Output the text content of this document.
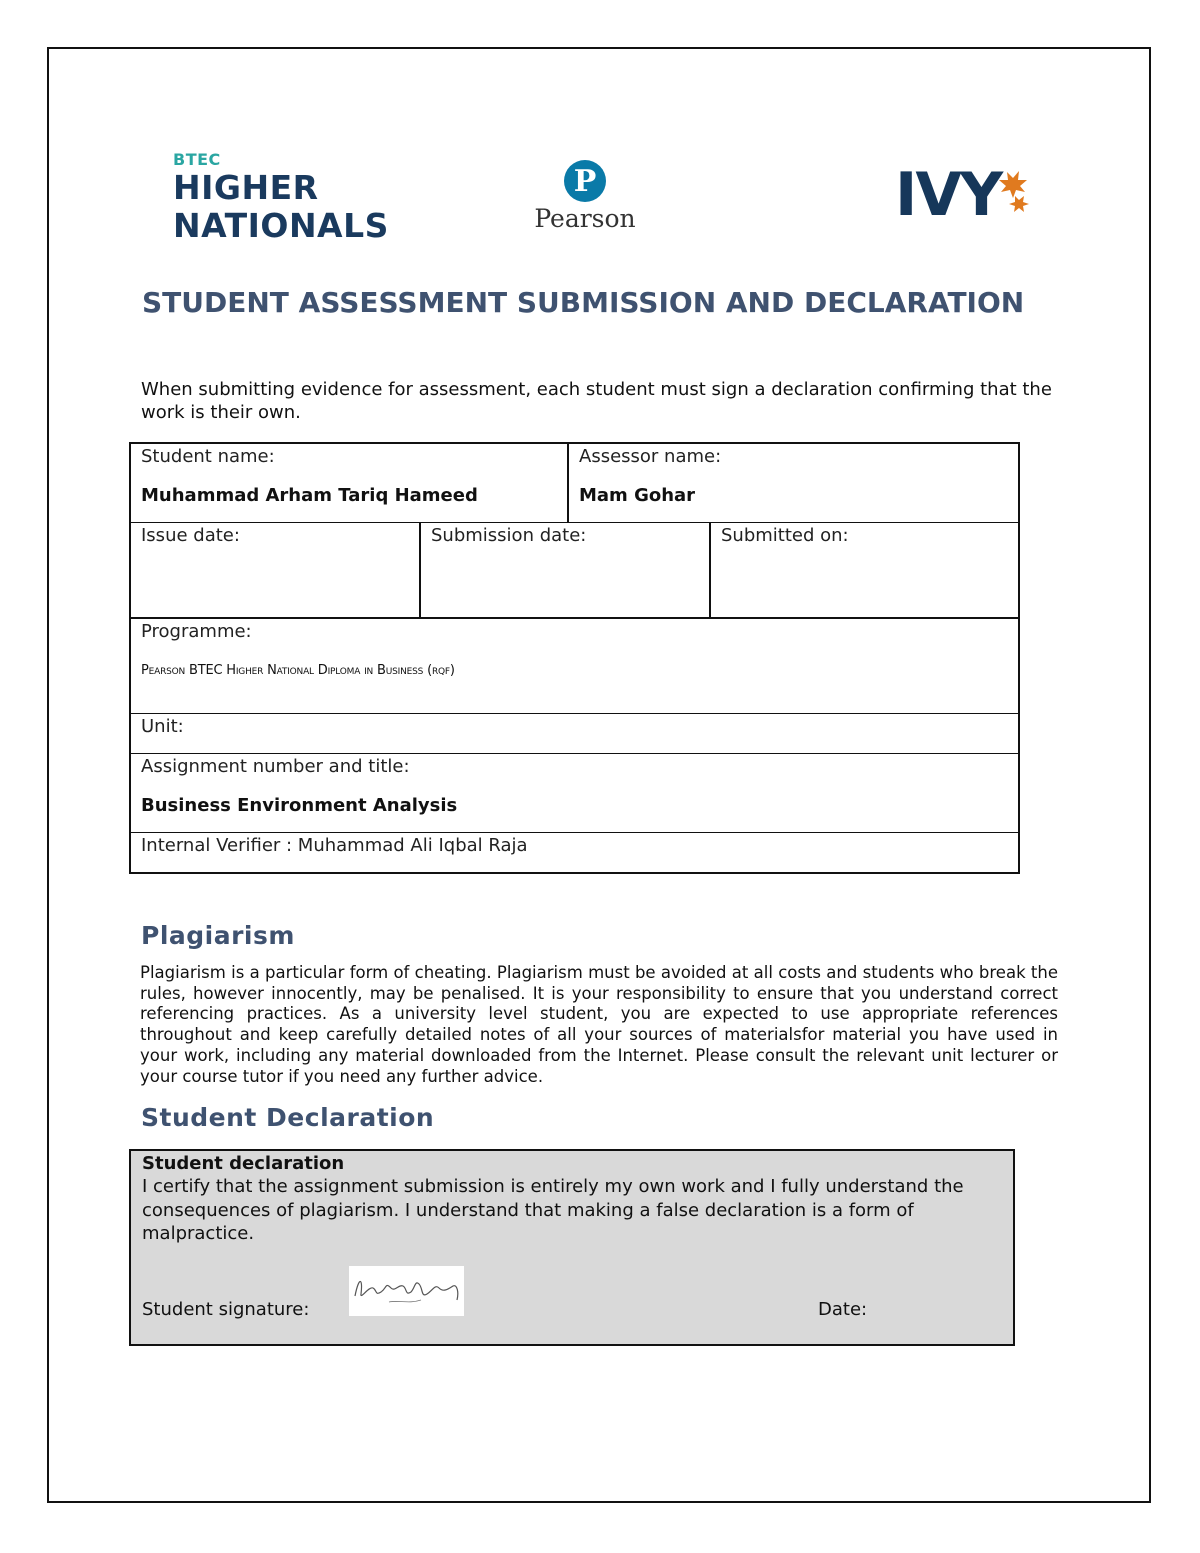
BTEC
HIGHER
NATIONALS
P
Pearson	IVY
STUDENT ASSESSMENT SUBMISSION AND DECLARATION
When submitting evidence for assessment, each student must sign a declaration confirming that the work is their own.
Student name:
Muhammad Arham Tariq Hameed
Assessor name:
Mam Gohar
Issue date:	Submission date:	Submitted on:
Programme:
Pearson BTEC Higher National Diploma in Business (rqf)
Unit:
Assignment number and title:
Business Environment Analysis
Internal Verifier : Muhammad Ali Iqbal Raja
Plagiarism
Plagiarism is a particular form of cheating. Plagiarism must be avoided at all costs and students who break the rules, however innocently, may be penalised. It is your responsibility to ensure that you understand correct referencing practices. As a university level student, you are expected to use appropriate references throughout and keep carefully detailed notes of all your sources of materialsfor material you have used in your work, including any material downloaded from the Internet. Please consult the relevant unit lecturer or your course tutor if you need any further advice.
Student Declaration
Student declaration
I certify that the assignment submission is entirely my own work and I fully understand the consequences of plagiarism. I understand that making a false declaration is a form of malpractice.
Student signature:	Date:
